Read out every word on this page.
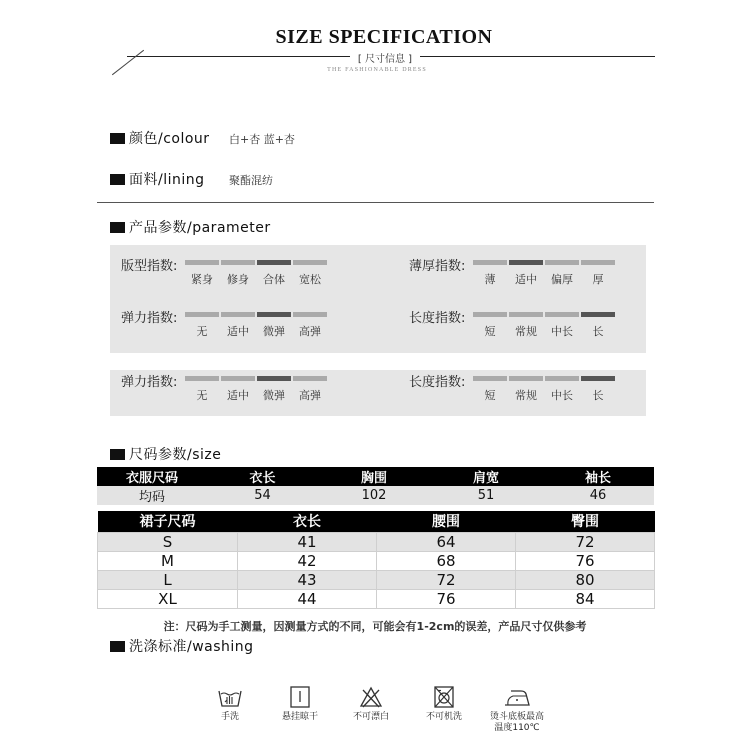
SIZE SPECIFICATION
[ 尺寸信息 ]
THE FASHIONABLE DRESS
颜色/colour 白+杏 蓝+杏
面料/lining 聚酯混纺
产品参数/parameter
版型指数:
紧身 修身 合体 宽松
薄厚指数:
薄 适中 偏厚 厚
弹力指数:
无 适中 微弹 高弹
长度指数:
短 常规 中长 长
弹力指数:
无 适中 微弹 高弹
长度指数:
短 常规 中长 长
尺码参数/size
衣服尺码	衣长	胸围	肩宽	袖长
均码	54	102	51	46
裙子尺码	衣长	腰围	臀围
S	41	64	72
M	42	68	76
L	43	72	80
XL	44	76	84
注：尺码为手工测量，因测量方式的不同，可能会有1-2cm的误差，产品尺寸仅供参考
洗涤标准/washing
手洗	悬挂晾干	不可漂白	不可机洗	烫斗底板最高
温度110℃
